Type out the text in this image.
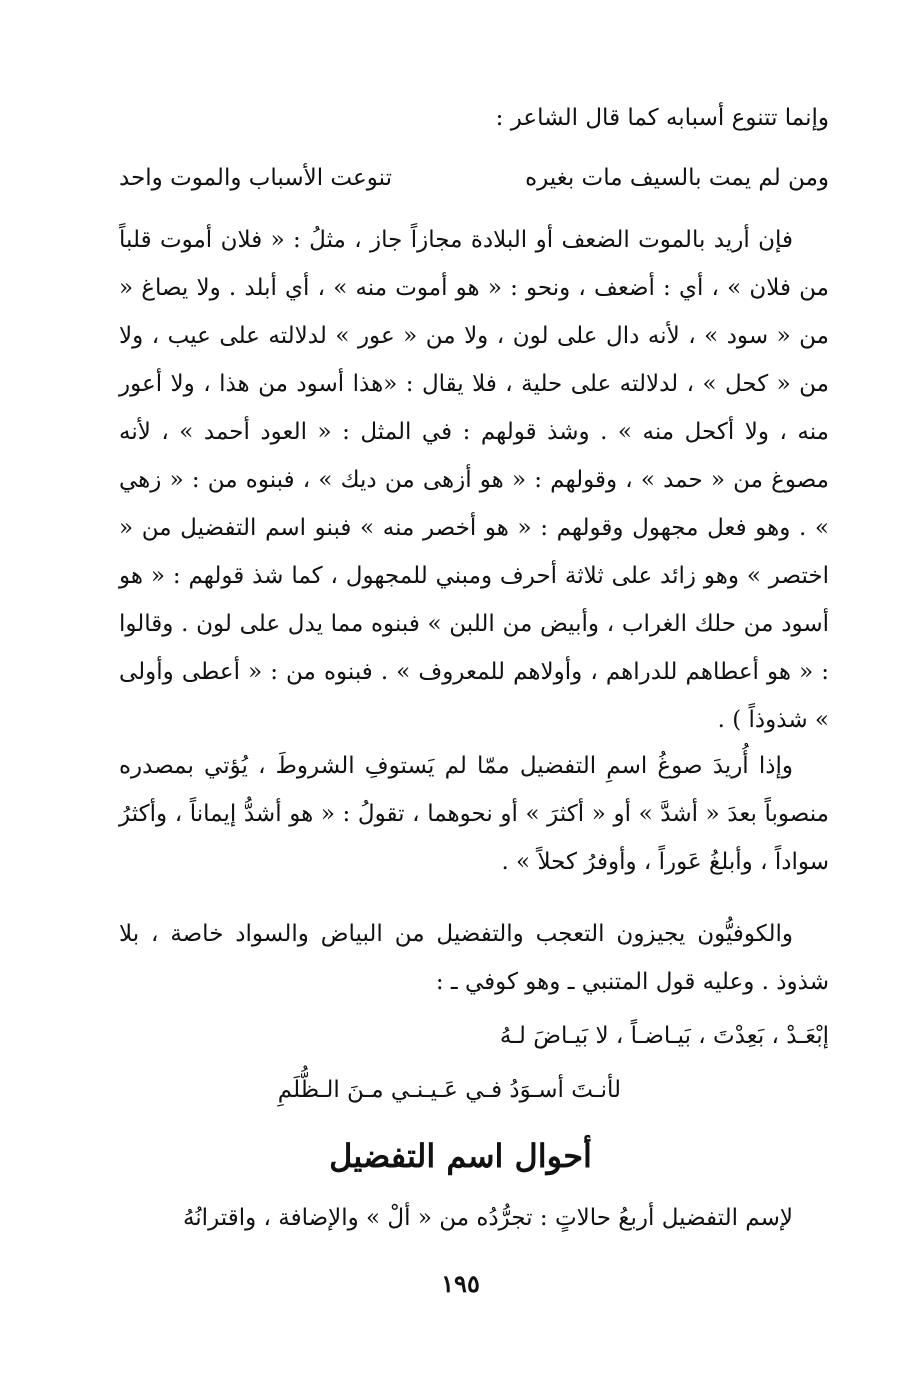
وإنما تتنوع أسبابه كما قال الشاعر :
ومن لم يمت بالسيف مات بغيره
تنوعت الأسباب والموت واحد
فإن أريد بالموت الضعف أو البلادة مجازاً جاز ، مثلُ : « فلان أموت قلباً من فلان » ، أي : أضعف ، ونحو : « هو أموت منه » ، أي أبلد . ولا يصاغ « من « سود » ، لأنه دال على لون ، ولا من « عور » لدلالته على عيب ، ولا من « كحل » ، لدلالته على حلية ، فلا يقال : «هذا أسود من هذا ، ولا أعور منه ، ولا أكحل منه » . وشذ قولهم : في المثل : « العود أحمد » ، لأنه مصوغ من « حمد » ، وقولهم : « هو أزهى من ديك » ، فبنوه من : « زهي » . وهو فعل مجهول وقولهم : « هو أخصر منه » فبنو اسم التفضيل من « اختصر » وهو زائد على ثلاثة أحرف ومبني للمجهول ، كما شذ قولهم : « هو أسود من حلك الغراب ، وأبيض من اللبن » فبنوه مما يدل على لون . وقالوا : « هو أعطاهم للدراهم ، وأولاهم للمعروف » . فبنوه من : « أعطى وأولى » شذوذاً ) .
وإذا أُريدَ صوغُ اسمِ التفضيل ممّا لم يَستوفِ الشروطَ ، يُؤتي بمصدره منصوباً بعدَ « أشدَّ » أو « أكثرَ » أو نحوهما ، تقولُ : « هو أشدُّ إيماناً ، وأكثرُ سواداً ، وأبلغُ عَوراً ، وأوفرُ كحلاً » .
والكوفيُّون يجيزون التعجب والتفضيل من البياض والسواد خاصة ، بلا شذوذ . وعليه قول المتنبي ـ وهو كوفي ـ :
إبْعَـدْ ، بَعِدْتَ ، بَيـاضـاً ، لا بَيـاضَ لـهُ
لأنـتَ أسـوَدُ فـي عَـيـنـي مـنَ الـظُّلَمِ
أحوال اسم التفضيل
لإسم التفضيل أربعُ حالاتٍ : تجرُّدُه من « ألْ » والإضافة ، واقترانُهُ
١٩٥
